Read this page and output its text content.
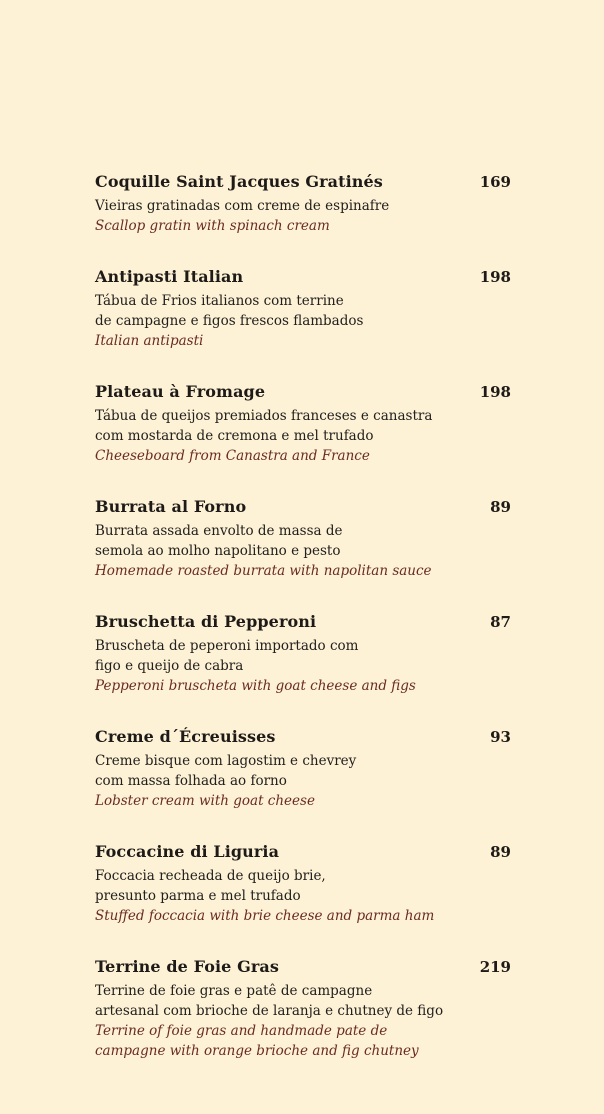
Coquille Saint Jacques Gratinés	169
Vieiras gratinadas com creme de espinafre
Scallop gratin with spinach cream
Antipasti Italian	198
Tábua de Frios italianos com terrine
de campagne e figos frescos flambados
Italian antipasti
Plateau à Fromage	198
Tábua de queijos premiados franceses e canastra
com mostarda de cremona e mel trufado
Cheeseboard from Canastra and France
Burrata al Forno	89
Burrata assada envolto de massa de
semola ao molho napolitano e pesto
Homemade roasted burrata with napolitan sauce
Bruschetta di Pepperoni	87
Bruscheta de peperoni importado com
figo e queijo de cabra
Pepperoni bruscheta with goat cheese and figs
Creme d´Écreuisses	93
Creme bisque com lagostim e chevrey
com massa folhada ao forno
Lobster cream with goat cheese
Foccacine di Liguria	89
Foccacia recheada de queijo brie,
presunto parma e mel trufado
Stuffed foccacia with brie cheese and parma ham
Terrine de Foie Gras	219
Terrine de foie gras e patê de campagne
artesanal com brioche de laranja e chutney de figo
Terrine of foie gras and handmade pate de
campagne with orange brioche and fig chutney
